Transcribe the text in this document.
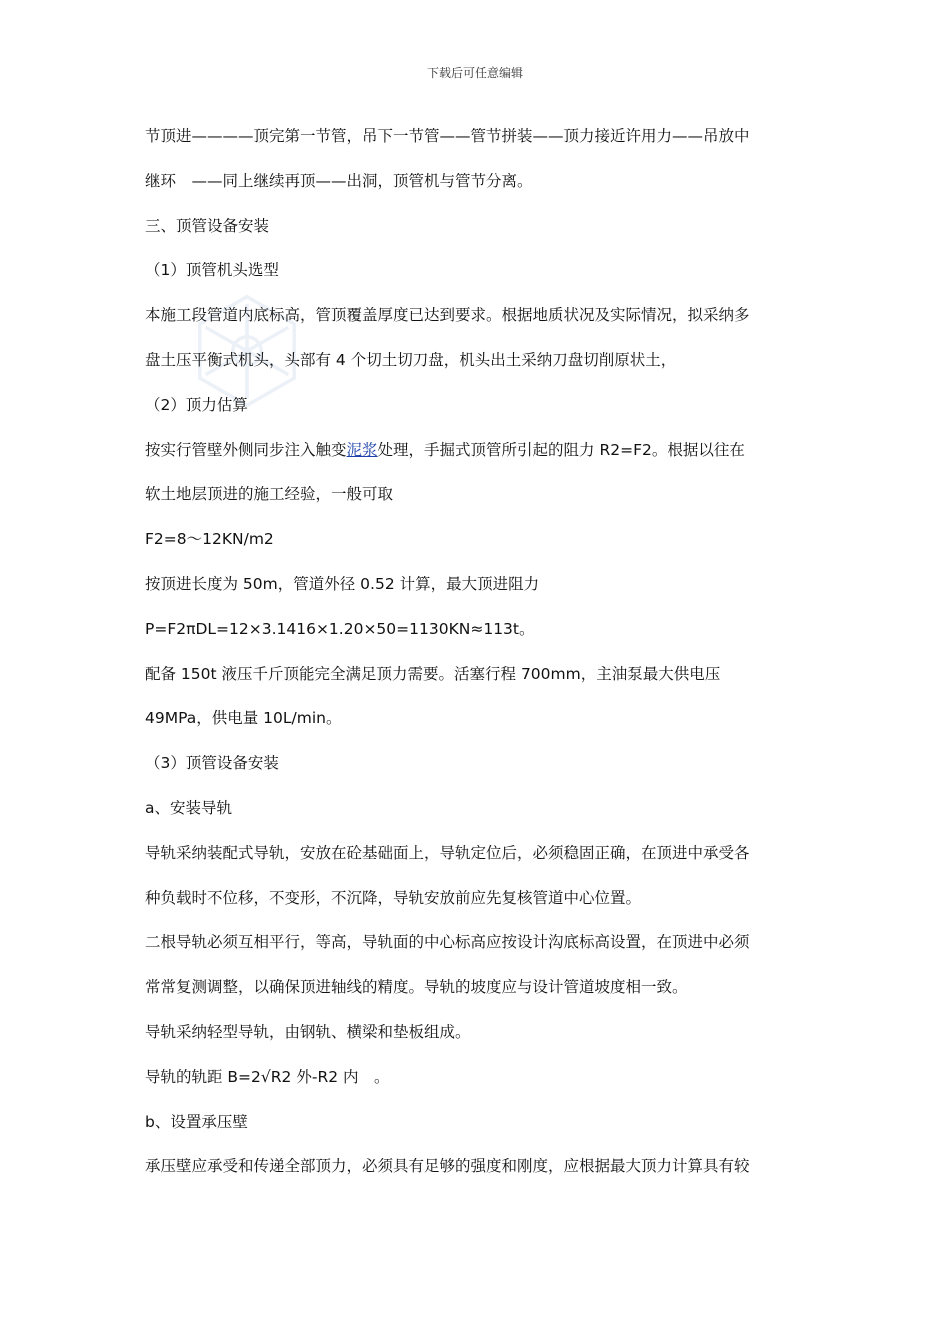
下载后可任意编辑
节顶进————顶完第一节管，吊下一节管——管节拼装——顶力接近许用力——吊放中
继环　——同上继续再顶——出洞，顶管机与管节分离。
三、顶管设备安装
（1）顶管机头选型
本施工段管道内底标高，管顶覆盖厚度已达到要求。根据地质状况及实际情况，拟采纳多
盘土压平衡式机头，头部有 4 个切土切刀盘，机头出土采纳刀盘切削原状土，
（2）顶力估算
按实行管壁外侧同步注入触变泥浆处理，手掘式顶管所引起的阻力 R2=F2。根据以往在
软土地层顶进的施工经验，一般可取
F2=8～12KN/m2
按顶进长度为 50m，管道外径 0.52 计算，最大顶进阻力
P=F2πDL=12×3.1416×1.20×50=1130KN≈113t。
配备 150t 液压千斤顶能完全满足顶力需要。活塞行程 700mm，主油泵最大供电压
49MPa，供电量 10L/min。
（3）顶管设备安装
a、安装导轨
导轨采纳装配式导轨，安放在砼基础面上，导轨定位后，必须稳固正确，在顶进中承受各
种负载时不位移，不变形，不沉降，导轨安放前应先复核管道中心位置。
二根导轨必须互相平行，等高，导轨面的中心标高应按设计沟底标高设置，在顶进中必须
常常复测调整，以确保顶进轴线的精度。导轨的坡度应与设计管道坡度相一致。
导轨采纳轻型导轨，由钢轨、横梁和垫板组成。
导轨的轨距 B=2√R2 外-R2 内　。
b、设置承压壁
承压壁应承受和传递全部顶力，必须具有足够的强度和刚度，应根据最大顶力计算具有较
